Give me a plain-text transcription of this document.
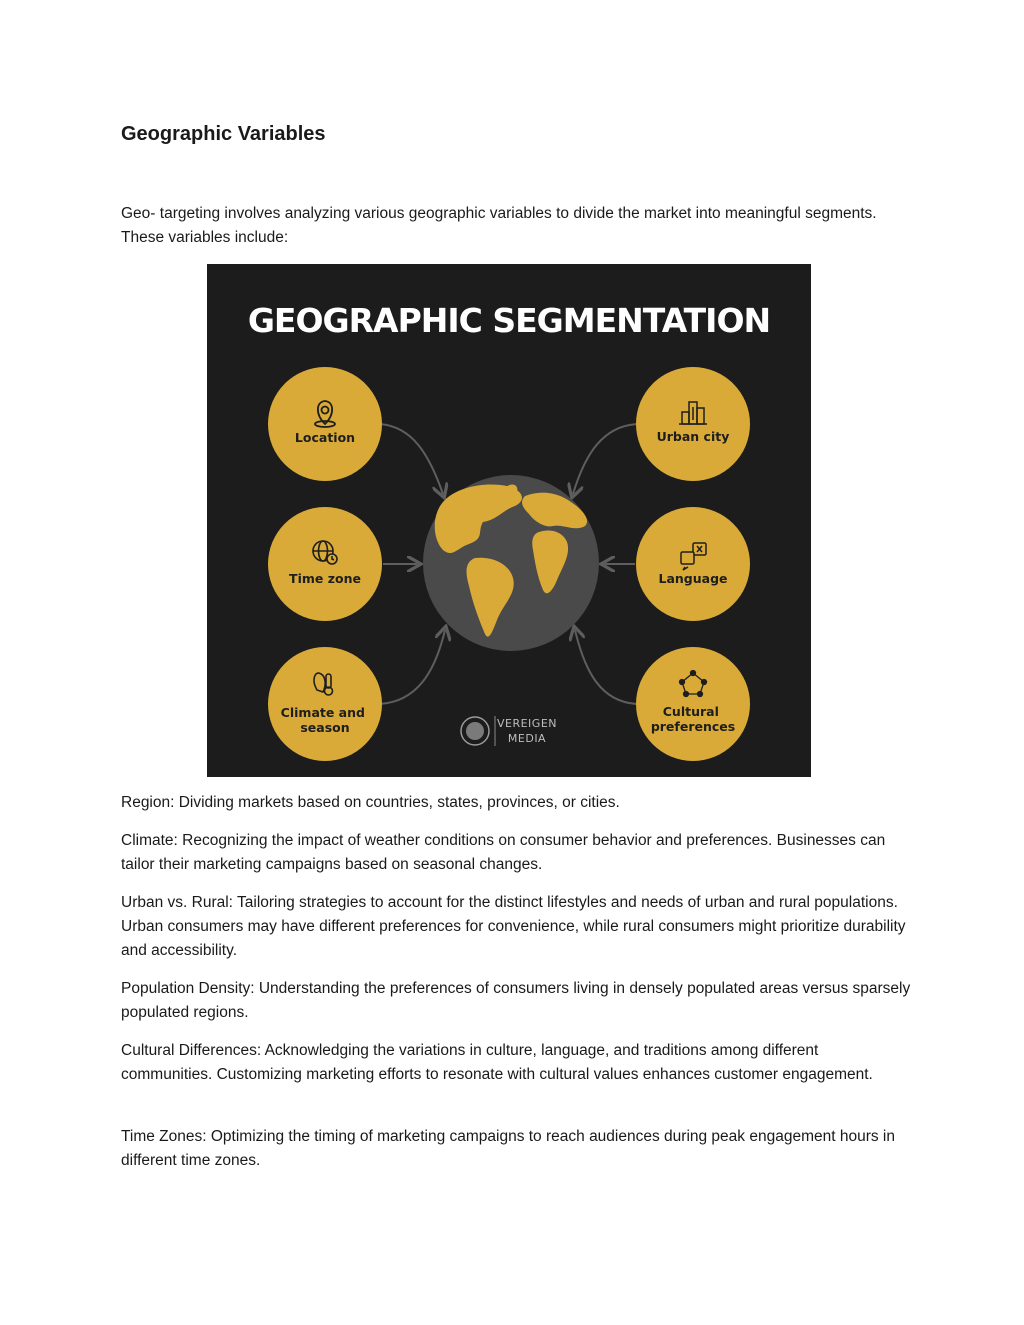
Geographic Variables

Geo- targeting involves analyzing various geographic variables to divide the market into meaningful segments. These variables include:

GEOGRAPHIC SEGMENTATION
Location
Time zone
Climate and season
Urban city
Language
Cultural preferences
VEREIGEN
MEDIA

Region: Dividing markets based on countries, states, provinces, or cities.

Climate: Recognizing the impact of weather conditions on consumer behavior and preferences. Businesses can tailor their marketing campaigns based on seasonal changes.

Urban vs. Rural: Tailoring strategies to account for the distinct lifestyles and needs of urban and rural populations. Urban consumers may have different preferences for convenience, while rural consumers might prioritize durability and accessibility.

Population Density: Understanding the preferences of consumers living in densely populated areas versus sparsely populated regions.

Cultural Differences: Acknowledging the variations in culture, language, and traditions among different communities. Customizing marketing efforts to resonate with cultural values enhances customer engagement.

Time Zones: Optimizing the timing of marketing campaigns to reach audiences during peak engagement hours in different time zones.
